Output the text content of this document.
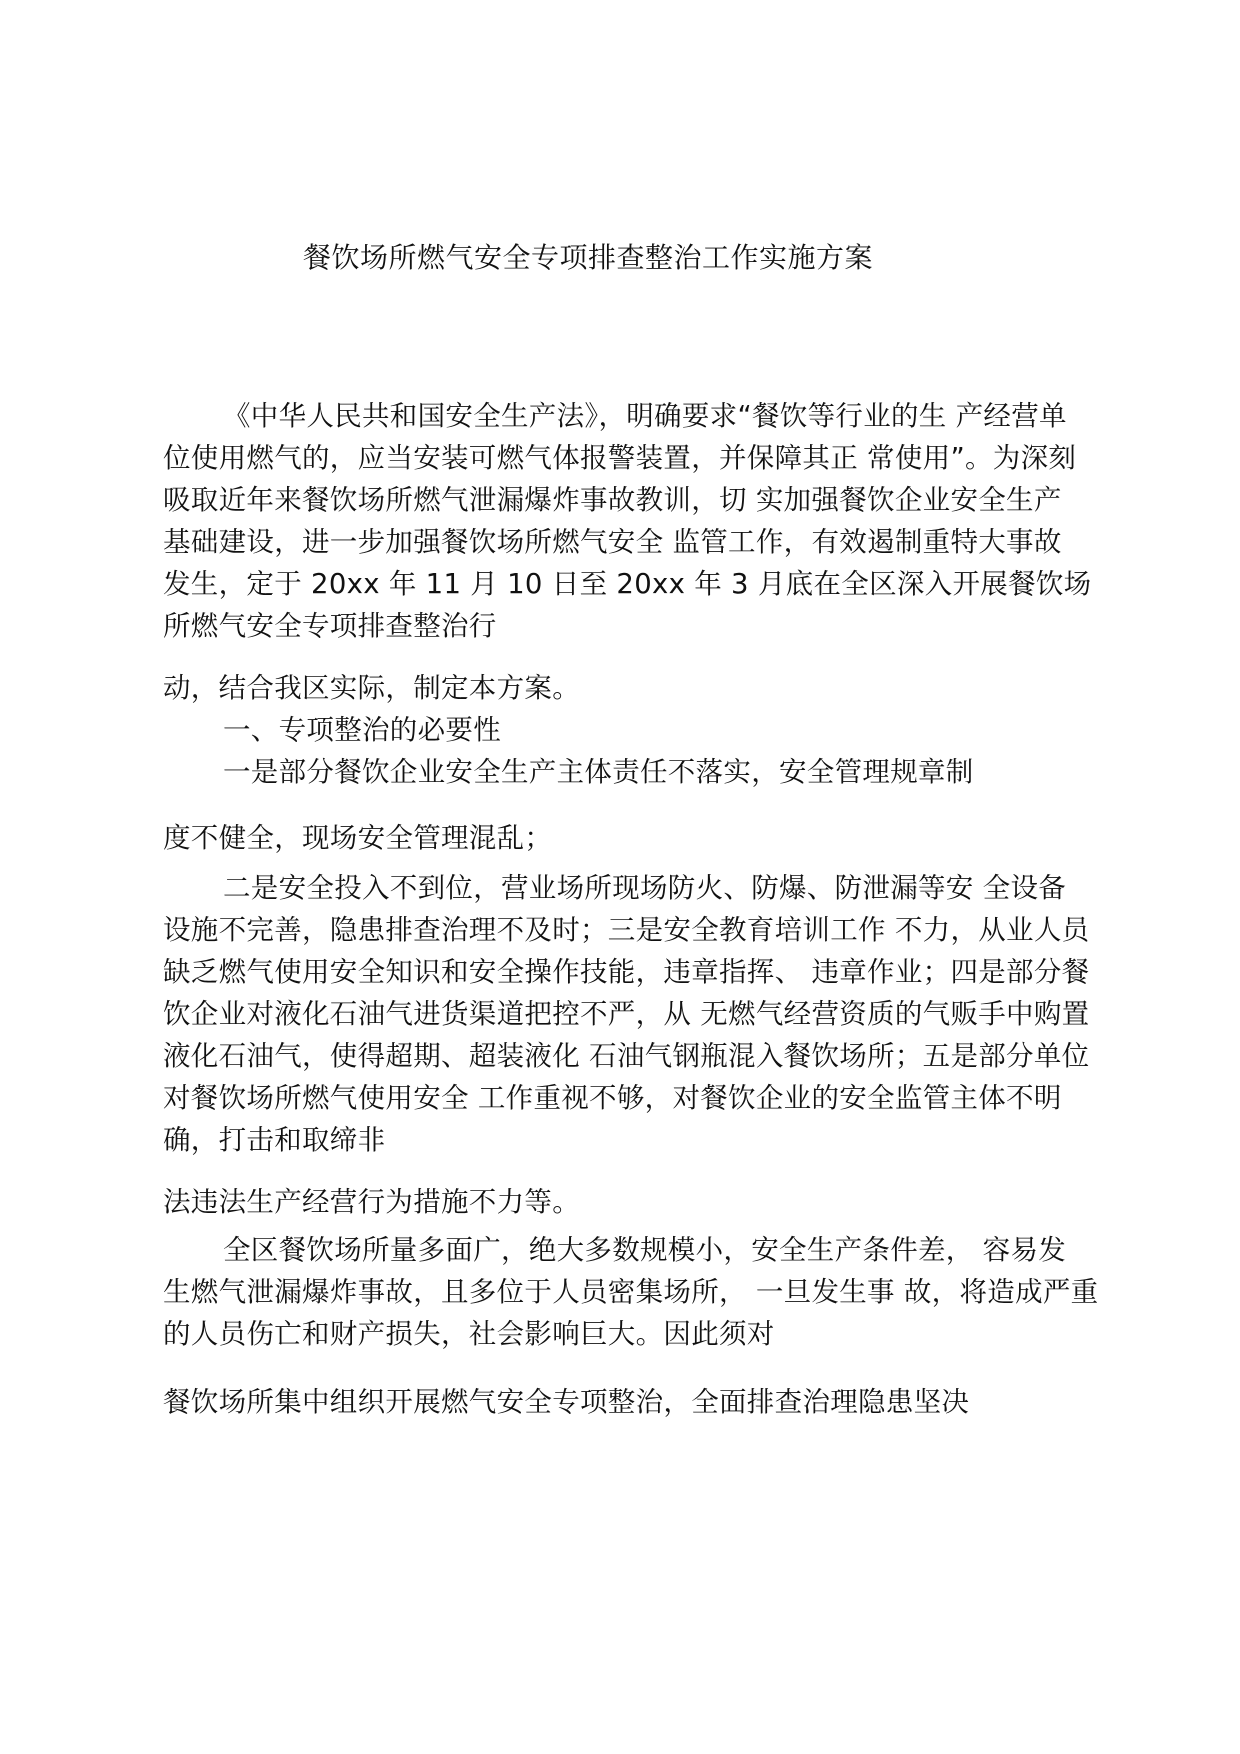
餐饮场所燃气安全专项排查整治工作实施方案
《中华人民共和国安全生产法》，明确要求“餐饮等行业的生 产经营单
位使用燃气的，应当安装可燃气体报警装置，并保障其正 常使用”。为深刻
吸取近年来餐饮场所燃气泄漏爆炸事故教训，切 实加强餐饮企业安全生产
基础建设，进一步加强餐饮场所燃气安全 监管工作，有效遏制重特大事故
发生，定于 20xx 年 11 月 10 日至 20xx 年 3 月底在全区深入开展餐饮场
所燃气安全专项排查整治行
动，结合我区实际，制定本方案。
一、专项整治的必要性
一是部分餐饮企业安全生产主体责任不落实，安全管理规章制
度不健全，现场安全管理混乱；
二是安全投入不到位，营业场所现场防火、防爆、防泄漏等安 全设备
设施不完善，隐患排查治理不及时；三是安全教育培训工作 不力，从业人员
缺乏燃气使用安全知识和安全操作技能，违章指挥、 违章作业；四是部分餐
饮企业对液化石油气进货渠道把控不严，从 无燃气经营资质的气贩手中购置
液化石油气，使得超期、超装液化 石油气钢瓶混入餐饮场所；五是部分单位
对餐饮场所燃气使用安全 工作重视不够，对餐饮企业的安全监管主体不明
确，打击和取缔非
法违法生产经营行为措施不力等。
全区餐饮场所量多面广，绝大多数规模小，安全生产条件差， 容易发
生燃气泄漏爆炸事故，且多位于人员密集场所， 一旦发生事 故，将造成严重
的人员伤亡和财产损失，社会影响巨大。因此须对
餐饮场所集中组织开展燃气安全专项整治，全面排查治理隐患坚决
